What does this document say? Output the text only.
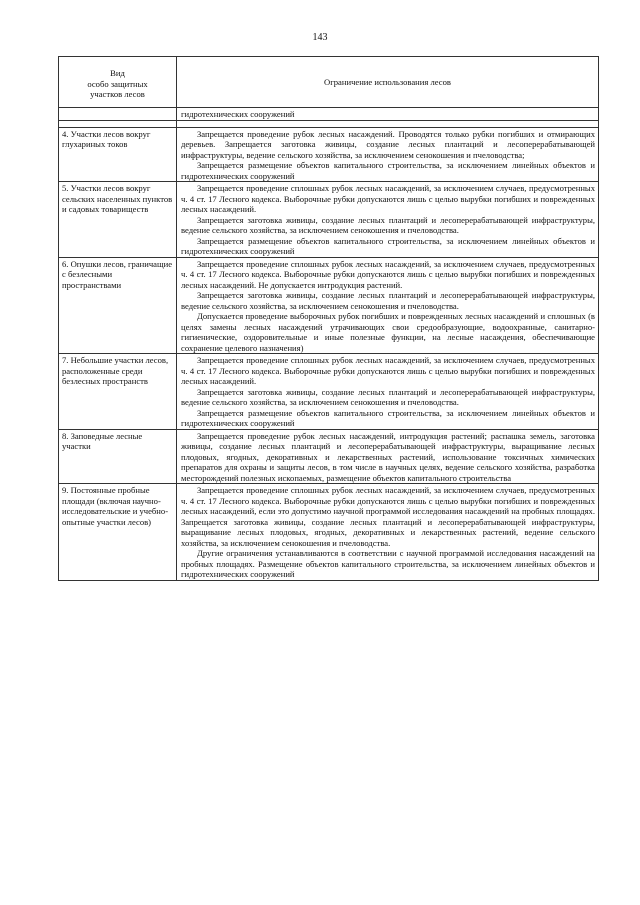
143
Вид
особо защитных
участков лесов	Ограничение использования лесов

	гидротехнических сооружений

4. Участки лесов вокруг глухариных токов	Запрещается проведение рубок лесных насаждений. Проводятся только рубки погибших и отмирающих деревьев. Запрещается заготовка живицы, создание лесных плантаций и лесоперерабатывающей инфраструктуры, ведение сельского хозяйства, за исключением сенокошения и пчеловодства;

Запрещается размещение объектов капитального строительства, за исключением линейных объектов и гидротехнических сооружений

5. Участки лесов вокруг сельских населенных пунктов и садовых товариществ	Запрещается проведение сплошных рубок лесных насаждений, за исключением случаев, предусмотренных ч. 4 ст. 17 Лесного кодекса. Выборочные рубки допускаются лишь с целью вырубки погибших и поврежденных лесных насаждений.

Запрещается заготовка живицы, создание лесных плантаций и лесоперерабатывающей инфраструктуры, ведение сельского хозяйства, за исключением сенокошения и пчеловодства.

Запрещается размещение объектов капитального строительства, за исключением линейных объектов и гидротехнических сооружений

6. Опушки лесов, граничащие с безлесными пространствами	Запрещается проведение сплошных рубок лесных насаждений, за исключением случаев, предусмотренных ч. 4 ст. 17 Лесного кодекса. Выборочные рубки допускаются лишь с целью вырубки погибших и поврежденных лесных насаждений. Не допускается интродукция растений.

Запрещается заготовка живицы, создание лесных плантаций и лесоперерабатывающей инфраструктуры, ведение сельского хозяйства, за исключением сенокошения и пчеловодства.

Допускается проведение выборочных рубок погибших и поврежденных лесных насаждений и сплошных (в целях замены лесных насаждений утрачивающих свои средообразующие, водоохранные, санитарно-гигиенические, оздоровительные и иные полезные функции, на лесные насаждения, обеспечивающие сохранение целевого назначения)

7. Небольшие участки лесов, расположенные среди безлесных пространств	Запрещается проведение сплошных рубок лесных насаждений, за исключением случаев, предусмотренных ч. 4 ст. 17 Лесного кодекса. Выборочные рубки допускаются лишь с целью вырубки погибших и поврежденных лесных насаждений.

Запрещается заготовка живицы, создание лесных плантаций и лесоперерабатывающей инфраструктуры, ведение сельского хозяйства, за исключением сенокошения и пчеловодства.

Запрещается размещение объектов капитального строительства, за исключением линейных объектов и гидротехнических сооружений

8. Заповедные лесные участки	Запрещается проведение рубок лесных насаждений, интродукция растений; распашка земель, заготовка живицы, создание лесных плантаций и лесоперерабатывающей инфраструктуры, выращивание лесных плодовых, ягодных, декоративных и лекарственных растений, использование токсичных химических препаратов для охраны и защиты лесов, в том числе в научных целях, ведение сельского хозяйства, разработка месторождений полезных ископаемых, размещение объектов капитального строительства

9. Постоянные пробные площади (включая научно-исследовательские и учебно-опытные участки лесов)	Запрещается проведение сплошных рубок лесных насаждений, за исключением случаев, предусмотренных ч. 4 ст. 17 Лесного кодекса. Выборочные рубки допускаются лишь с целью вырубки погибших и поврежденных лесных насаждений, если это допустимо научной программой исследования насаждений на пробных площадях. Запрещается заготовка живицы, создание лесных плантаций и лесоперерабатывающей инфраструктуры, выращивание лесных плодовых, ягодных, декоративных и лекарственных растений, ведение сельского хозяйства, за исключением сенокошения и пчеловодства.

Другие ограничения устанавливаются в соответствии с научной программой исследования насаждений на пробных площадях. Размещение объектов капитального строительства, за исключением линейных объектов и гидротехнических сооружений
